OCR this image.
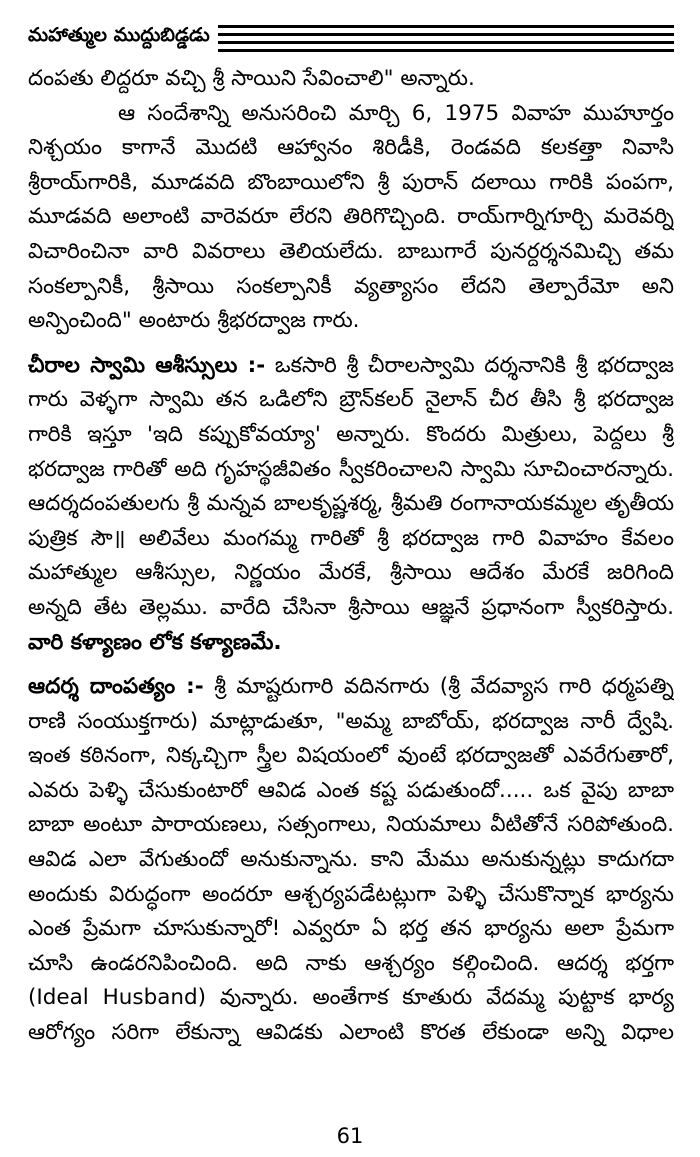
మహాత్ముల ముద్దుబిడ్డడు
దంపతు లిద్దరూ వచ్చి శ్రీ సాయిని సేవించాలి" అన్నారు.
ఆ సందేశాన్ని అనుసరించి మార్చి 6, 1975 వివాహ ముహూర్తం
నిశ్చయం కాగానే మొదటి ఆహ్వానం శిరిడీకి, రెండవది కలకత్తా నివాసి
శ్రీరాయ్‌గారికి, మూడవది బొంబాయిలోని శ్రీ పురాన్ దలాయి గారికి పంపగా,
మూడవది అలాంటి వారెవరూ లేరని తిరిగొచ్చింది. రాయ్‌గార్నిగూర్చి మరెవర్ని
విచారించినా వారి వివరాలు తెలియలేదు. బాబుగారే పునర్దర్శనమిచ్చి తమ
సంకల్పానికీ, శ్రీసాయి సంకల్పానికీ వ్యత్యాసం లేదని తెల్పారేమో అని
అన్పించింది" అంటారు శ్రీభరద్వాజ గారు.
చీరాల స్వామి ఆశీస్సులు :- ఒకసారి శ్రీ చీరాలస్వామి దర్శనానికి శ్రీ భరద్వాజ
గారు వెళ్ళగా స్వామి తన ఒడిలోని బ్రౌన్‌కలర్ నైలాన్ చీర తీసి శ్రీ భరద్వాజ
గారికి ఇస్తూ 'ఇది కప్పుకోవయ్యా' అన్నారు. కొందరు మిత్రులు, పెద్దలు శ్రీ
భరద్వాజ గారితో అది గృహస్థజీవితం స్వీకరించాలని స్వామి సూచించారన్నారు.
ఆదర్శదంపతులగు శ్రీ మన్నవ బాలకృష్ణశర్మ, శ్రీమతి రంగానాయకమ్మల తృతీయ
పుత్రిక సౌ॥ అలివేలు మంగమ్మ గారితో శ్రీ భరద్వాజ గారి వివాహం కేవలం
మహాత్ముల ఆశీస్సుల, నిర్ణయం మేరకే, శ్రీసాయి ఆదేశం మేరకే జరిగింది
అన్నది తేట తెల్లము. వారేది చేసినా శ్రీసాయి ఆజ్ఞనే ప్రధానంగా స్వీకరిస్తారు.
వారి కళ్యాణం లోక కళ్యాణమే.
ఆదర్శ దాంపత్యం :- శ్రీ మాష్టరుగారి వదినగారు (శ్రీ వేదవ్యాస గారి ధర్మపత్ని
రాణి సంయుక్తగారు) మాట్లాడుతూ, "అమ్మ బాబోయ్, భరద్వాజ నారీ ద్వేషి.
ఇంత కఠినంగా, నిక్కచ్చిగా స్త్రీల విషయంలో వుంటే భరద్వాజతో ఎవరేగుతారో,
ఎవరు పెళ్ళి చేసుకుంటారో ఆవిడ ఎంత కష్ట పడుతుందో..... ఒక వైపు బాబా
బాబా అంటూ పారాయణలు, సత్సంగాలు, నియమాలు వీటితోనే సరిపోతుంది.
ఆవిడ ఎలా వేగుతుందో అనుకున్నాను. కాని మేము అనుకున్నట్లు కాదుగదా
అందుకు విరుద్ధంగా అందరూ ఆశ్చర్యపడేటట్లుగా పెళ్ళి చేసుకొన్నాక భార్యను
ఎంత ప్రేమగా చూసుకున్నారో! ఎవ్వరూ ఏ భర్త తన భార్యను అలా ప్రేమగా
చూసి ఉండరనిపించింది. అది నాకు ఆశ్చర్యం కల్గించింది. ఆదర్శ భర్తగా
(Ideal Husband) వున్నారు. అంతేగాక కూతురు వేదమ్మ పుట్టాక భార్య
ఆరోగ్యం సరిగా లేకున్నా ఆవిడకు ఎలాంటి కొరత లేకుండా అన్ని విధాల
61
